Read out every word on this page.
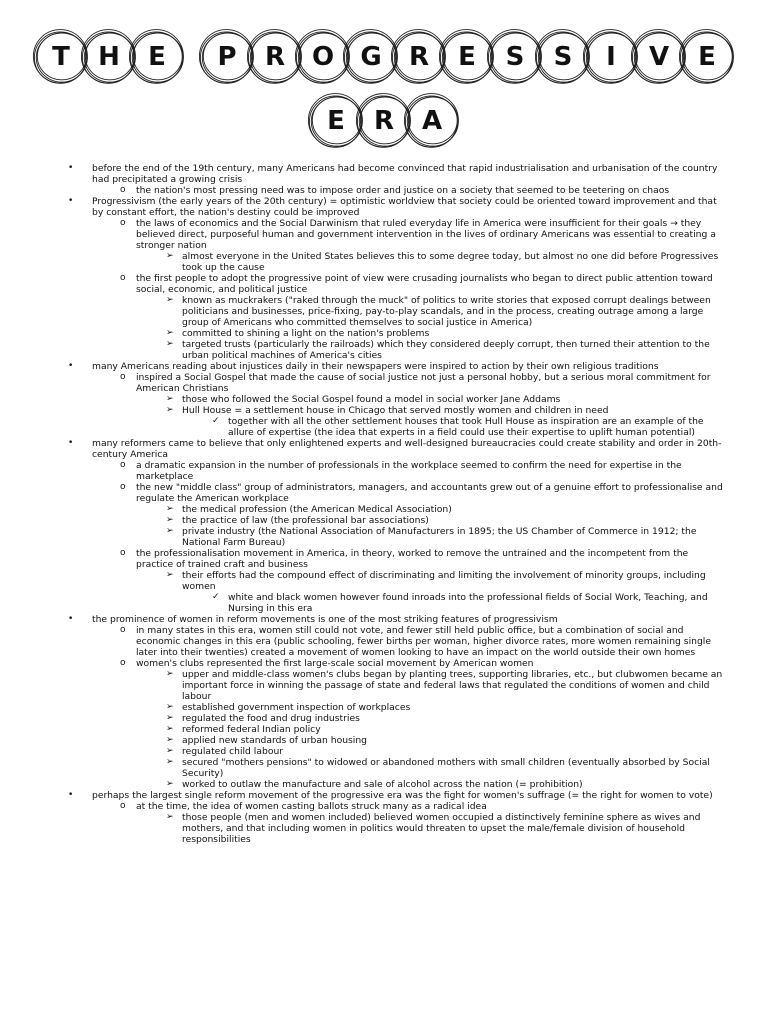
T H E P R O G R E S S I V E
E R A
• before the end of the 19th century, many Americans had become convinced that rapid industrialisation and urbanisation of the country had precipitated a growing crisis
o the nation's most pressing need was to impose order and justice on a society that seemed to be teetering on chaos
• Progressivism (the early years of the 20th century) = optimistic worldview that society could be oriented toward improvement and that by constant effort, the nation's destiny could be improved
o the laws of economics and the Social Darwinism that ruled everyday life in America were insufficient for their goals → they believed direct, purposeful human and government intervention in the lives of ordinary Americans was essential to creating a stronger nation
➢ almost everyone in the United States believes this to some degree today, but almost no one did before Progressives took up the cause
o the first people to adopt the progressive point of view were crusading journalists who began to direct public attention toward social, economic, and political justice
➢ known as muckrakers ("raked through the muck" of politics to write stories that exposed corrupt dealings between politicians and businesses, price-fixing, pay-to-play scandals, and in the process, creating outrage among a large group of Americans who committed themselves to social justice in America)
➢ committed to shining a light on the nation's problems
➢ targeted trusts (particularly the railroads) which they considered deeply corrupt, then turned their attention to the urban political machines of America's cities
• many Americans reading about injustices daily in their newspapers were inspired to action by their own religious traditions
o inspired a Social Gospel that made the cause of social justice not just a personal hobby, but a serious moral commitment for American Christians
➢ those who followed the Social Gospel found a model in social worker Jane Addams
➢ Hull House = a settlement house in Chicago that served mostly women and children in need
✓ together with all the other settlement houses that took Hull House as inspiration are an example of the allure of expertise (the idea that experts in a field could use their expertise to uplift human potential)
• many reformers came to believe that only enlightened experts and well-designed bureaucracies could create stability and order in 20th-century America
o a dramatic expansion in the number of professionals in the workplace seemed to confirm the need for expertise in the marketplace
o the new "middle class" group of administrators, managers, and accountants grew out of a genuine effort to professionalise and regulate the American workplace
➢ the medical profession (the American Medical Association)
➢ the practice of law (the professional bar associations)
➢ private industry (the National Association of Manufacturers in 1895; the US Chamber of Commerce in 1912; the National Farm Bureau)
o the professionalisation movement in America, in theory, worked to remove the untrained and the incompetent from the practice of trained craft and business
➢ their efforts had the compound effect of discriminating and limiting the involvement of minority groups, including women
✓ white and black women however found inroads into the professional fields of Social Work, Teaching, and Nursing in this era
• the prominence of women in reform movements is one of the most striking features of progressivism
o in many states in this era, women still could not vote, and fewer still held public office, but a combination of social and economic changes in this era (public schooling, fewer births per woman, higher divorce rates, more women remaining single later into their twenties) created a movement of women looking to have an impact on the world outside their own homes
o women's clubs represented the first large-scale social movement by American women
➢ upper and middle-class women's clubs began by planting trees, supporting libraries, etc., but clubwomen became an important force in winning the passage of state and federal laws that regulated the conditions of women and child labour
➢ established government inspection of workplaces
➢ regulated the food and drug industries
➢ reformed federal Indian policy
➢ applied new standards of urban housing
➢ regulated child labour
➢ secured "mothers pensions" to widowed or abandoned mothers with small children (eventually absorbed by Social Security)
➢ worked to outlaw the manufacture and sale of alcohol across the nation (= prohibition)
• perhaps the largest single reform movement of the progressive era was the fight for women's suffrage (= the right for women to vote)
o at the time, the idea of women casting ballots struck many as a radical idea
➢ those people (men and women included) believed women occupied a distinctively feminine sphere as wives and mothers, and that including women in politics would threaten to upset the male/female division of household responsibilities
